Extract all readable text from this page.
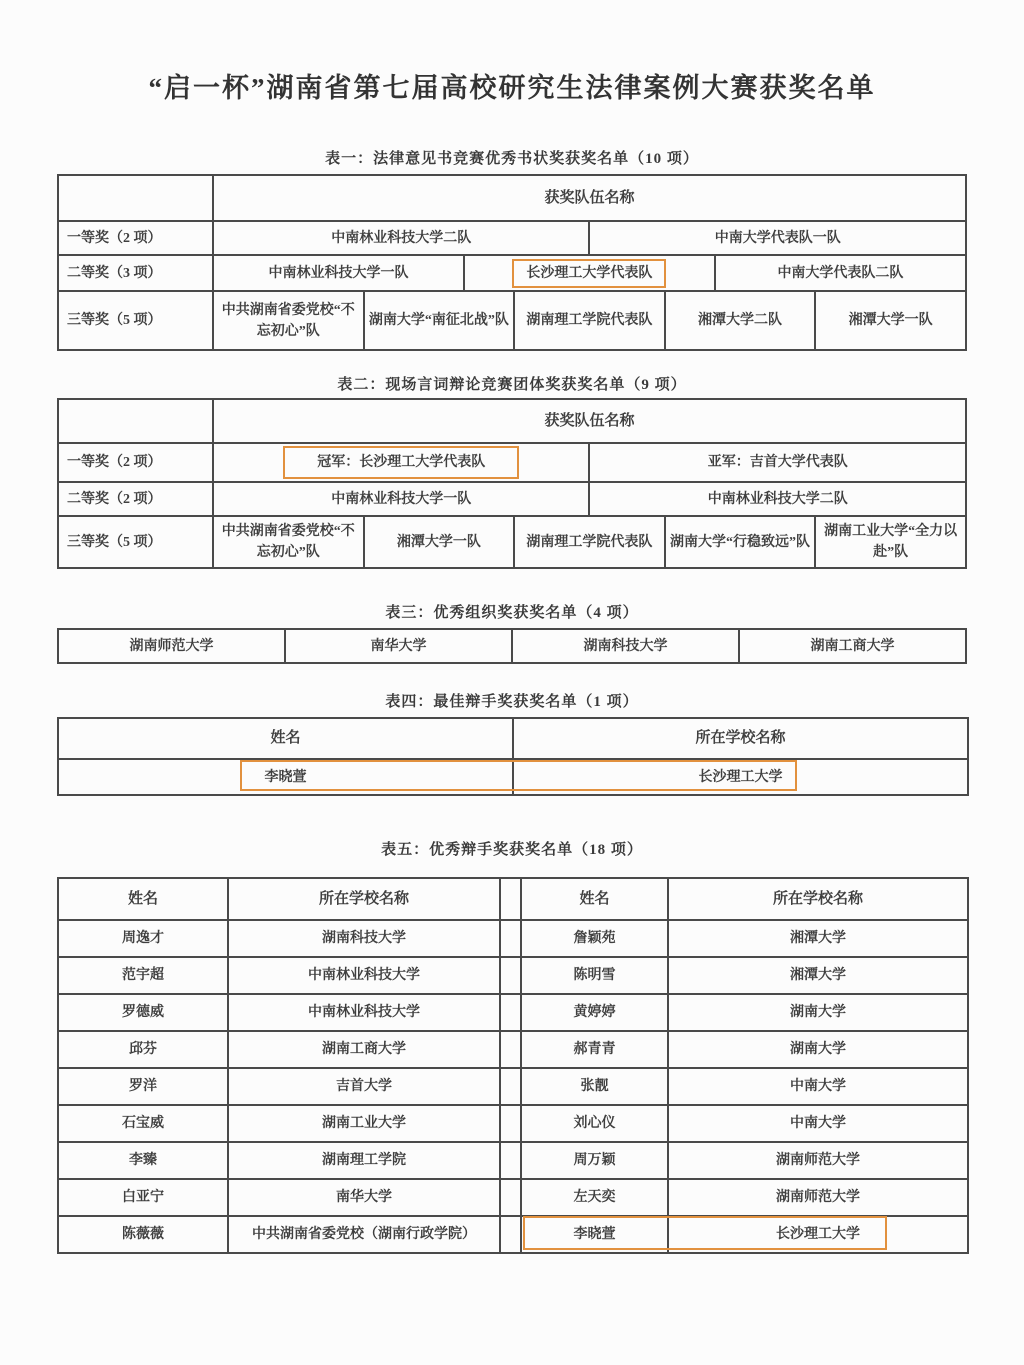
“启一杯”湖南省第七届高校研究生法律案例大赛获奖名单
表一：法律意见书竞赛优秀书状奖获奖名单（10 项）
	获奖队伍名称							
一等奖（2 项）	中南林业科技大学二队				中南大学代表队一队			
二等奖（3 项）	中南林业科技大学一队		长沙理工大学代表队				中南大学代表队二队	
三等奖（5 项）	中共湖南省委党校“不忘初心”队	湖南大学“南征北战”队		湖南理工学院代表队		湘潭大学二队		湘潭大学一队
表二：现场言词辩论竞赛团体奖获奖名单（9 项）
	获奖队伍名称					
一等奖（2 项）	冠军：长沙理工大学代表队			亚军：吉首大学代表队		
二等奖（2 项）	中南林业科技大学一队			中南林业科技大学二队		
三等奖（5 项）	中共湖南省委党校“不忘初心”队	湘潭大学一队	湖南理工学院代表队		湖南大学“行稳致远”队	湖南工业大学“全力以赴”队
表三：优秀组织奖获奖名单（4 项）
湖南师范大学	南华大学	湖南科技大学	湖南工商大学
表四：最佳辩手奖获奖名单（1 项）
姓名	所在学校名称
李晓萱	长沙理工大学
表五：优秀辩手奖获奖名单（18 项）
姓名	所在学校名称		姓名	所在学校名称
周逸才	湖南科技大学		詹颖苑	湘潭大学
范宇超	中南林业科技大学		陈明雪	湘潭大学
罗德威	中南林业科技大学		黄婷婷	湖南大学
邱芬	湖南工商大学		郝青青	湖南大学
罗洋	吉首大学		张靓	中南大学
石宝威	湖南工业大学		刘心仪	中南大学
李臻	湖南理工学院		周万颖	湖南师范大学
白亚宁	南华大学		左天奕	湖南师范大学
陈薇薇	中共湖南省委党校（湖南行政学院）		李晓萱	长沙理工大学
